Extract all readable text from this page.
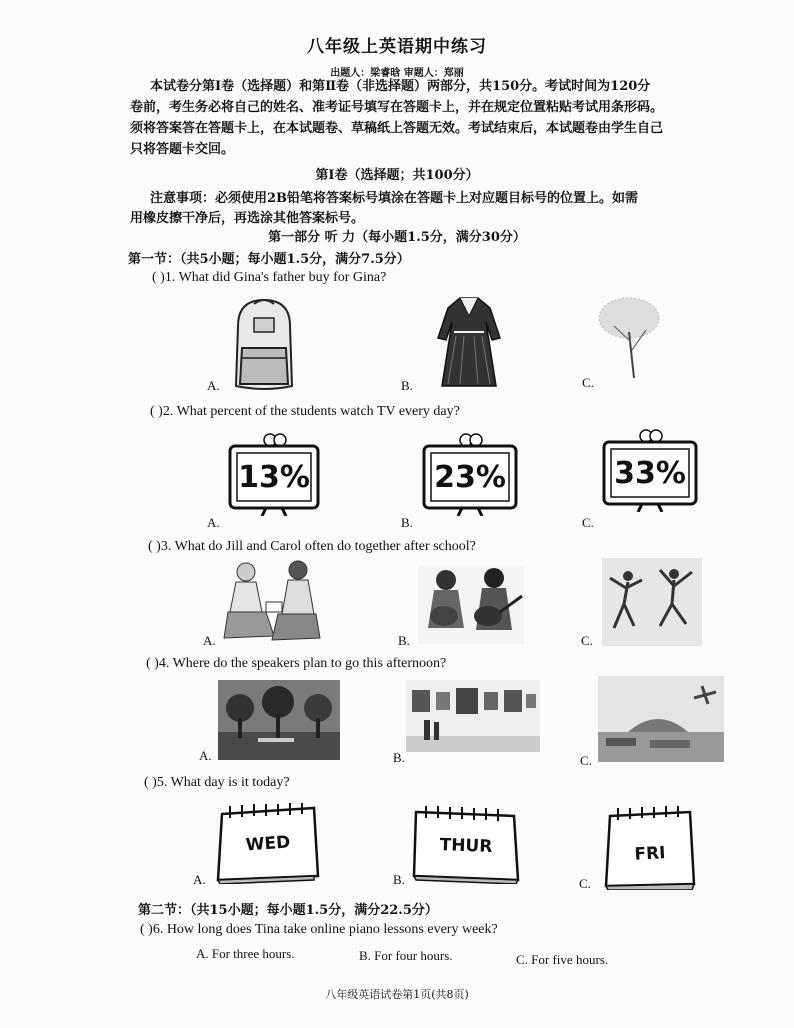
八年级上英语期中练习
出题人：梁睿晗 审题人：郑丽
本试卷分第Ⅰ卷（选择题）和第Ⅱ卷（非选择题）两部分，共150分。考试时间为120分
卷前，考生务必将自己的姓名、准考证号填写在答题卡上，并在规定位置粘贴考试用条形码。
须将答案答在答题卡上，在本试题卷、草稿纸上答题无效。考试结束后，本试题卷由学生自己
只将答题卡交回。
第Ⅰ卷（选择题；共100分）
注意事项：必须使用2B铅笔将答案标号填涂在答题卡上对应题目标号的位置上。如需
用橡皮擦干净后，再选涂其他答案标号。
第一部分 听 力（每小题1.5分，满分30分）
第一节：（共5小题；每小题1.5分，满分7.5分）
( )1. What did Gina's father buy for Gina?
A.	B.	C.
( )2. What percent of the students watch TV every day?
A.	B.	C.
13%	23%	33%
( )3. What do Jill and Carol often do together after school?
A.	B.	C.
( )4. Where do the speakers plan to go this afternoon?
A.	B.	C.
( )5. What day is it today?
A.	B.	C.
WED	THUR	FRI
第二节：（共15小题；每小题1.5分，满分22.5分）
( )6. How long does Tina take online piano lessons every week?
A. For three hours.	B. For four hours.	C. For five hours.
八年级英语试卷第1页(共8页)
